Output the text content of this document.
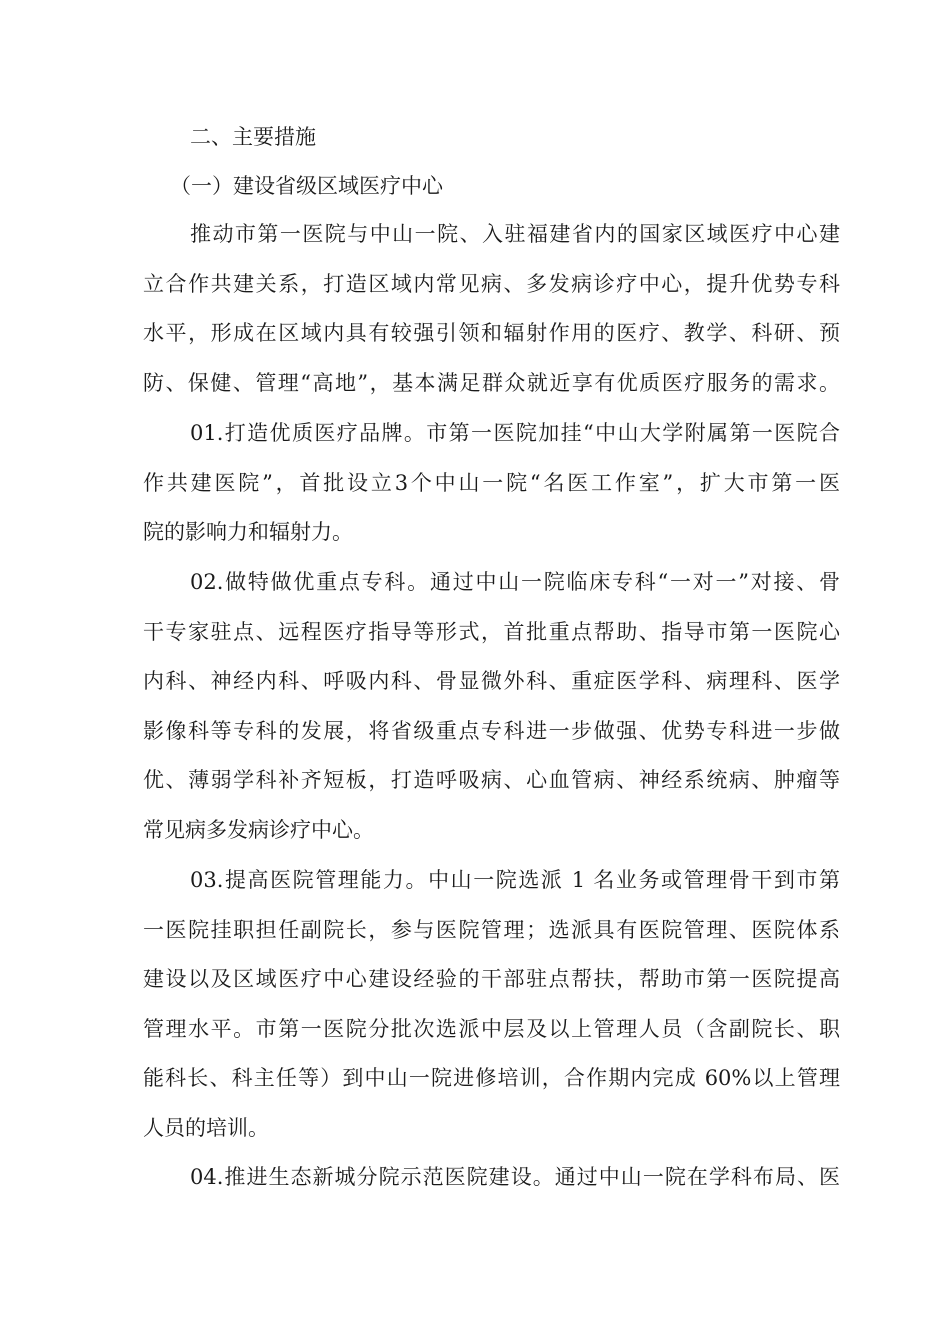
二、主要措施
（一）建设省级区域医疗中心
推动市第一医院与中山一院、入驻福建省内的国家区域医疗中心建
立合作共建关系，打造区域内常见病、多发病诊疗中心，提升优势专科
水平，形成在区域内具有较强引领和辐射作用的医疗、教学、科研、预
防、保健、管理“高地”，基本满足群众就近享有优质医疗服务的需求。
01.打造优质医疗品牌。市第一医院加挂“中山大学附属第一医院合
作共建医院”，首批设立3个中山一院“名医工作室”，扩大市第一医
院的影响力和辐射力。
02.做特做优重点专科。通过中山一院临床专科“一对一”对接、骨
干专家驻点、远程医疗指导等形式，首批重点帮助、指导市第一医院心
内科、神经内科、呼吸内科、骨显微外科、重症医学科、病理科、医学
影像科等专科的发展，将省级重点专科进一步做强、优势专科进一步做
优、薄弱学科补齐短板，打造呼吸病、心血管病、神经系统病、肿瘤等
常见病多发病诊疗中心。
03.提高医院管理能力。中山一院选派 1 名业务或管理骨干到市第
一医院挂职担任副院长，参与医院管理；选派具有医院管理、医院体系
建设以及区域医疗中心建设经验的干部驻点帮扶，帮助市第一医院提高
管理水平。市第一医院分批次选派中层及以上管理人员（含副院长、职
能科长、科主任等）到中山一院进修培训，合作期内完成 60%以上管理
人员的培训。
04.推进生态新城分院示范医院建设。通过中山一院在学科布局、医
